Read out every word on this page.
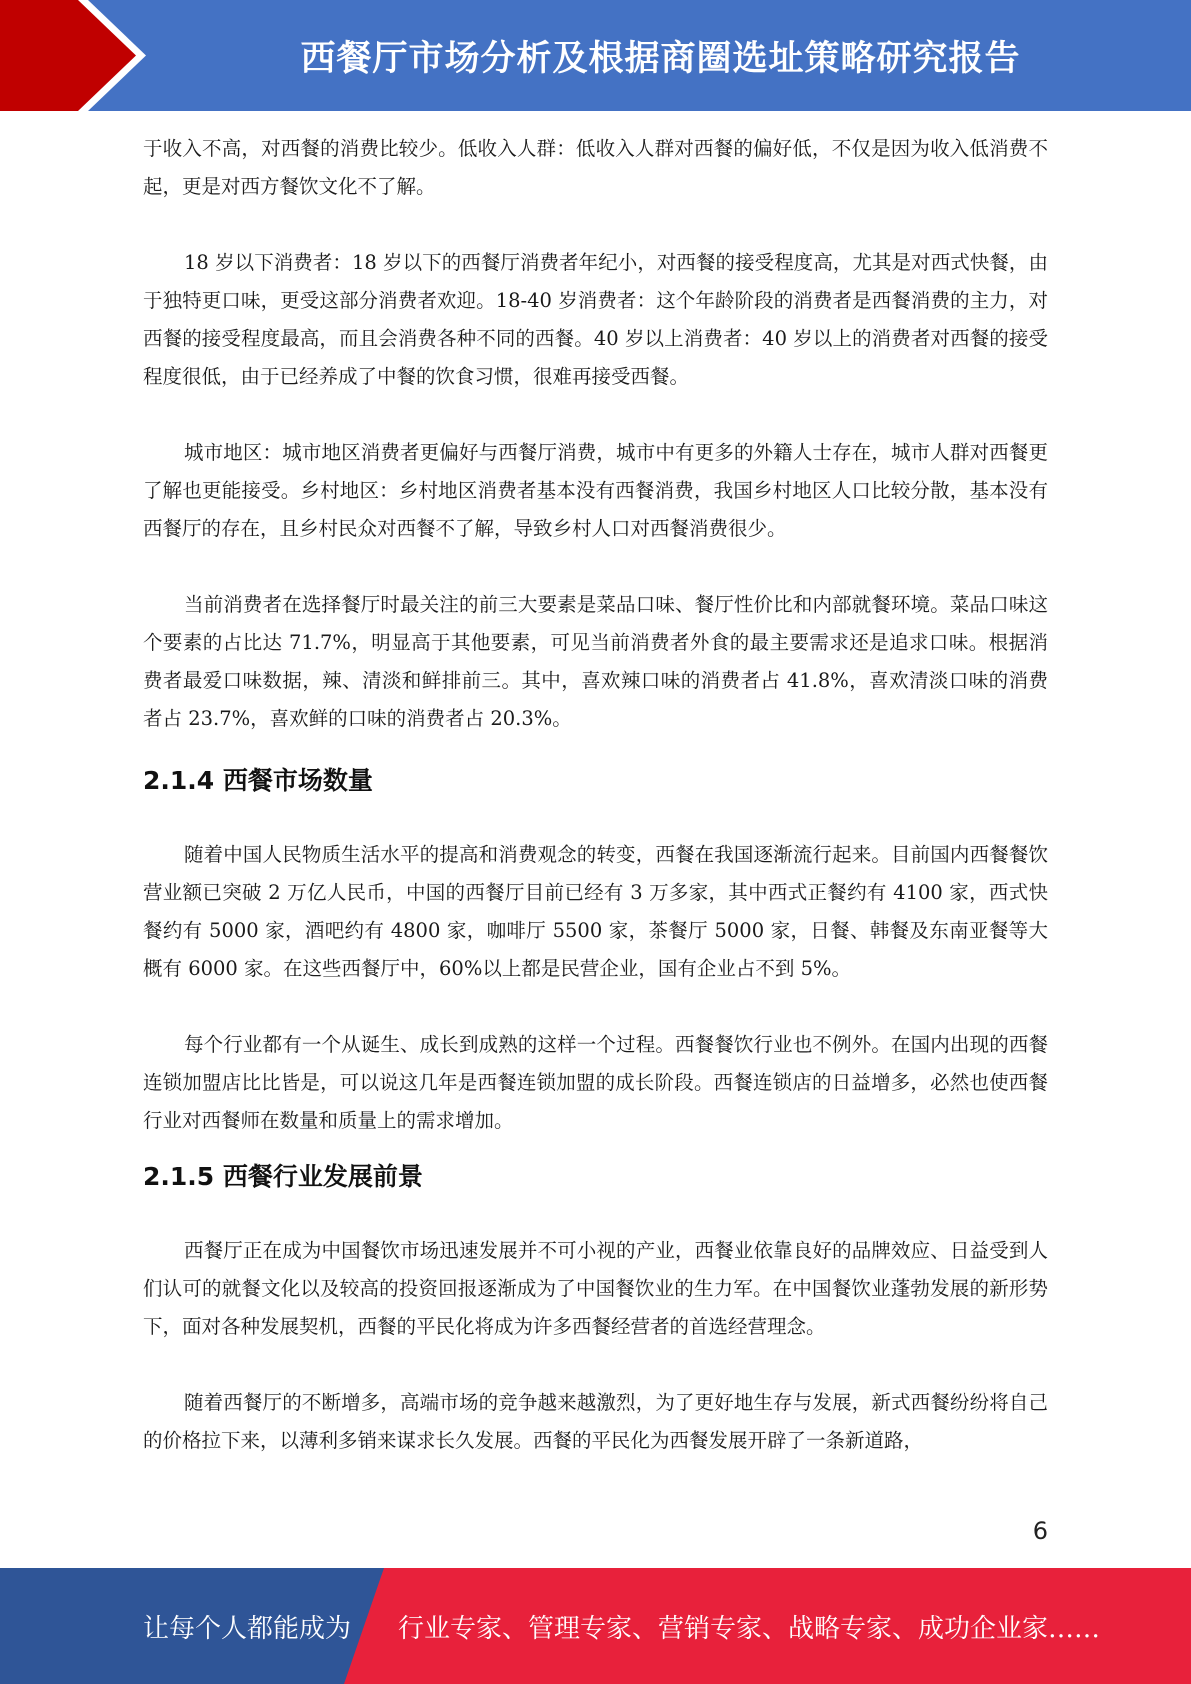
西餐厅市场分析及根据商圈选址策略研究报告

于收入不高，对西餐的消费比较少。低收入人群：低收入人群对西餐的偏好低，不仅是因为收入低消费不起，更是对西方餐饮文化不了解。

18 岁以下消费者：18 岁以下的西餐厅消费者年纪小，对西餐的接受程度高，尤其是对西式快餐，由于独特更口味，更受这部分消费者欢迎。18-40 岁消费者：这个年龄阶段的消费者是西餐消费的主力，对西餐的接受程度最高，而且会消费各种不同的西餐。40 岁以上消费者：40 岁以上的消费者对西餐的接受程度很低，由于已经养成了中餐的饮食习惯，很难再接受西餐。

城市地区：城市地区消费者更偏好与西餐厅消费，城市中有更多的外籍人士存在，城市人群对西餐更了解也更能接受。乡村地区：乡村地区消费者基本没有西餐消费，我国乡村地区人口比较分散，基本没有西餐厅的存在，且乡村民众对西餐不了解，导致乡村人口对西餐消费很少。

当前消费者在选择餐厅时最关注的前三大要素是菜品口味、餐厅性价比和内部就餐环境。菜品口味这个要素的占比达 71.7%，明显高于其他要素，可见当前消费者外食的最主要需求还是追求口味。根据消费者最爱口味数据，辣、清淡和鲜排前三。其中，喜欢辣口味的消费者占 41.8%，喜欢清淡口味的消费者占 23.7%，喜欢鲜的口味的消费者占 20.3%。

2.1.4 西餐市场数量

随着中国人民物质生活水平的提高和消费观念的转变，西餐在我国逐渐流行起来。目前国内西餐餐饮营业额已突破 2 万亿人民币，中国的西餐厅目前已经有 3 万多家，其中西式正餐约有 4100 家，西式快餐约有 5000 家，酒吧约有 4800 家，咖啡厅 5500 家，茶餐厅 5000 家，日餐、韩餐及东南亚餐等大概有 6000 家。在这些西餐厅中，60%以上都是民营企业，国有企业占不到 5%。

每个行业都有一个从诞生、成长到成熟的这样一个过程。西餐餐饮行业也不例外。在国内出现的西餐连锁加盟店比比皆是，可以说这几年是西餐连锁加盟的成长阶段。西餐连锁店的日益增多，必然也使西餐行业对西餐师在数量和质量上的需求增加。

2.1.5 西餐行业发展前景

西餐厅正在成为中国餐饮市场迅速发展并不可小视的产业，西餐业依靠良好的品牌效应、日益受到人们认可的就餐文化以及较高的投资回报逐渐成为了中国餐饮业的生力军。在中国餐饮业蓬勃发展的新形势下，面对各种发展契机，西餐的平民化将成为许多西餐经营者的首选经营理念。

随着西餐厅的不断增多，高端市场的竞争越来越激烈，为了更好地生存与发展，新式西餐纷纷将自己的价格拉下来，以薄利多销来谋求长久发展。西餐的平民化为西餐发展开辟了一条新道路，

6
让每个人都能成为 行业专家、管理专家、营销专家、战略专家、成功企业家……
